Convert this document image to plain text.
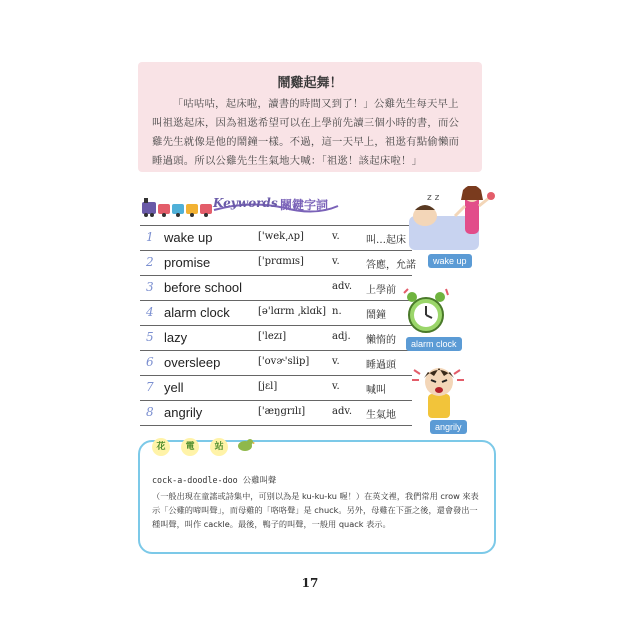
鬧雞起舞！
「咕咕咕，起床啦，讀書的時間又到了！」公雞先生每天早上叫祖逖起床，因為祖逖希望可以在上學前先讀三個小時的書，而公雞先生就像是他的鬧鐘一樣。不過，這一天早上，祖逖有點偷懶而睡過頭。所以公雞先生生氣地大喊：「祖逖！該起床啦！」
Keywords 關鍵字詞
1 wake up	['wek͵ʌp]	v.	叫…起床
2 promise	['prɑmɪs]	v.	答應，允諾
3 before school	adv. 上學前
4 alarm clock	[ə'lɑrm ͵klɑk] n. 鬧鐘
5 lazy	['lezɪ]	adj. 懶惰的
6 oversleep	['ovɚ'slip] v.	睡過頭
7 yell	[jɛl]	v.	喊叫
8 angrily	['æŋgrɪlɪ]	adv. 生氣地
z z
wake up
alarm clock
angrily
花 電 站
cock-a-doodle-doo 公雞叫聲
（一般出現在童謠或詩集中，可别以為是 ku-ku-ku 喔！）在英文裡，我們常用 crow 來表示「公雞的啼叫聲」，而母雞的「咯咯聲」是 chuck。另外，母雞在下蛋之後，還會發出一種叫聲，叫作 cackle。最後，鴨子的叫聲，一般用 quack 表示。
17
